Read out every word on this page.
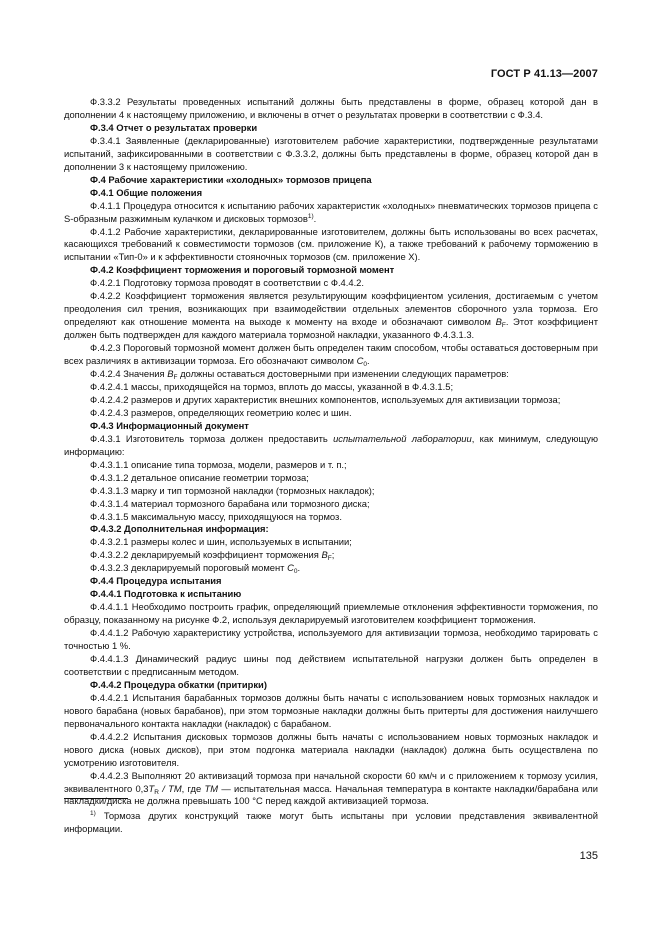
ГОСТ Р 41.13—2007

Ф.3.3.2 Результаты проведенных испытаний должны быть представлены в форме, образец которой дан в дополнении 4 к настоящему приложению, и включены в отчет о результатах проверки в соответствии с Ф.3.4.

Ф.3.4 Отчет о результатах проверки

Ф.3.4.1 Заявленные (декларированные) изготовителем рабочие характеристики, подтвержденные результатами испытаний, зафиксированными в соответствии с Ф.3.3.2, должны быть представлены в форме, образец которой дан в дополнении 3 к настоящему приложению.

Ф.4 Рабочие характеристики «холодных» тормозов прицепа

Ф.4.1 Общие положения

Ф.4.1.1 Процедура относится к испытанию рабочих характеристик «холодных» пневматических тормозов прицепа с S-образным разжимным кулачком и дисковых тормозов$^{1)}$.

Ф.4.1.2 Рабочие характеристики, декларированные изготовителем, должны быть использованы во всех расчетах, касающихся требований к совместимости тормозов (см. приложение К), а также требований к рабочему торможению в испытании «Тип-0» и к эффективности стояночных тормозов (см. приложение Х).

Ф.4.2 Коэффициент торможения и пороговый тормозной момент

Ф.4.2.1 Подготовку тормоза проводят в соответствии с Ф.4.4.2.

Ф.4.2.2 Коэффициент торможения является результирующим коэффициентом усиления, достигаемым с учетом преодоления сил трения, возникающих при взаимодействии отдельных элементов сборочного узла тормоза. Его определяют как отношение момента на выходе к моменту на входе и обозначают символом $B_F$. Этот коэффициент должен быть подтвержден для каждого материала тормозной накладки, указанного Ф.4.3.1.3.

Ф.4.2.3 Пороговый тормозной момент должен быть определен таким способом, чтобы оставаться достоверным при всех различиях в активизации тормоза. Его обозначают символом $C_0$.

Ф.4.2.4 Значения $B_F$ должны оставаться достоверными при изменении следующих параметров:

Ф.4.2.4.1 массы, приходящейся на тормоз, вплоть до массы, указанной в Ф.4.3.1.5;

Ф.4.2.4.2 размеров и других характеристик внешних компонентов, используемых для активизации тормоза;

Ф.4.2.4.3 размеров, определяющих геометрию колес и шин.

Ф.4.3 Информационный документ

Ф.4.3.1 Изготовитель тормоза должен предоставить испытательной лаборатории, как минимум, следующую информацию:

Ф.4.3.1.1 описание типа тормоза, модели, размеров и т. п.;

Ф.4.3.1.2 детальное описание геометрии тормоза;

Ф.4.3.1.3 марку и тип тормозной накладки (тормозных накладок);

Ф.4.3.1.4 материал тормозного барабана или тормозного диска;

Ф.4.3.1.5 максимальную массу, приходящуюся на тормоз.

Ф.4.3.2 Дополнительная информация:

Ф.4.3.2.1 размеры колес и шин, используемых в испытании;

Ф.4.3.2.2 декларируемый коэффициент торможения $B_F$;

Ф.4.3.2.3 декларируемый пороговый момент $C_0$.

Ф.4.4 Процедура испытания

Ф.4.4.1 Подготовка к испытанию

Ф.4.4.1.1 Необходимо построить график, определяющий приемлемые отклонения эффективности торможения, по образцу, показанному на рисунке Ф.2, используя декларируемый изготовителем коэффициент торможения.

Ф.4.4.1.2 Рабочую характеристику устройства, используемого для активизации тормоза, необходимо тарировать с точностью 1 %.

Ф.4.4.1.3 Динамический радиус шины под действием испытательной нагрузки должен быть определен в соответствии с предписанным методом.

Ф.4.4.2 Процедура обкатки (притирки)

Ф.4.4.2.1 Испытания барабанных тормозов должны быть начаты с использованием новых тормозных накладок и нового барабана (новых барабанов), при этом тормозные накладки должны быть притерты для достижения наилучшего первоначального контакта накладки (накладок) с барабаном.

Ф.4.4.2.2 Испытания дисковых тормозов должны быть начаты с использованием новых тормозных накладок и нового диска (новых дисков), при этом подгонка материала накладки (накладок) должна быть осуществлена по усмотрению изготовителя.

Ф.4.4.2.3 Выполняют 20 активизаций тормоза при начальной скорости 60 км/ч и с приложением к тормозу усилия, эквивалентного $0,3T_R$ / TM, где TM — испытательная масса. Начальная температура в контакте накладки/барабана или накладки/диска не должна превышать 100 °С перед каждой активизацией тормоза.

$^{1)}$ Тормоза других конструкций также могут быть испытаны при условии представления эквивалентной информации.
135
